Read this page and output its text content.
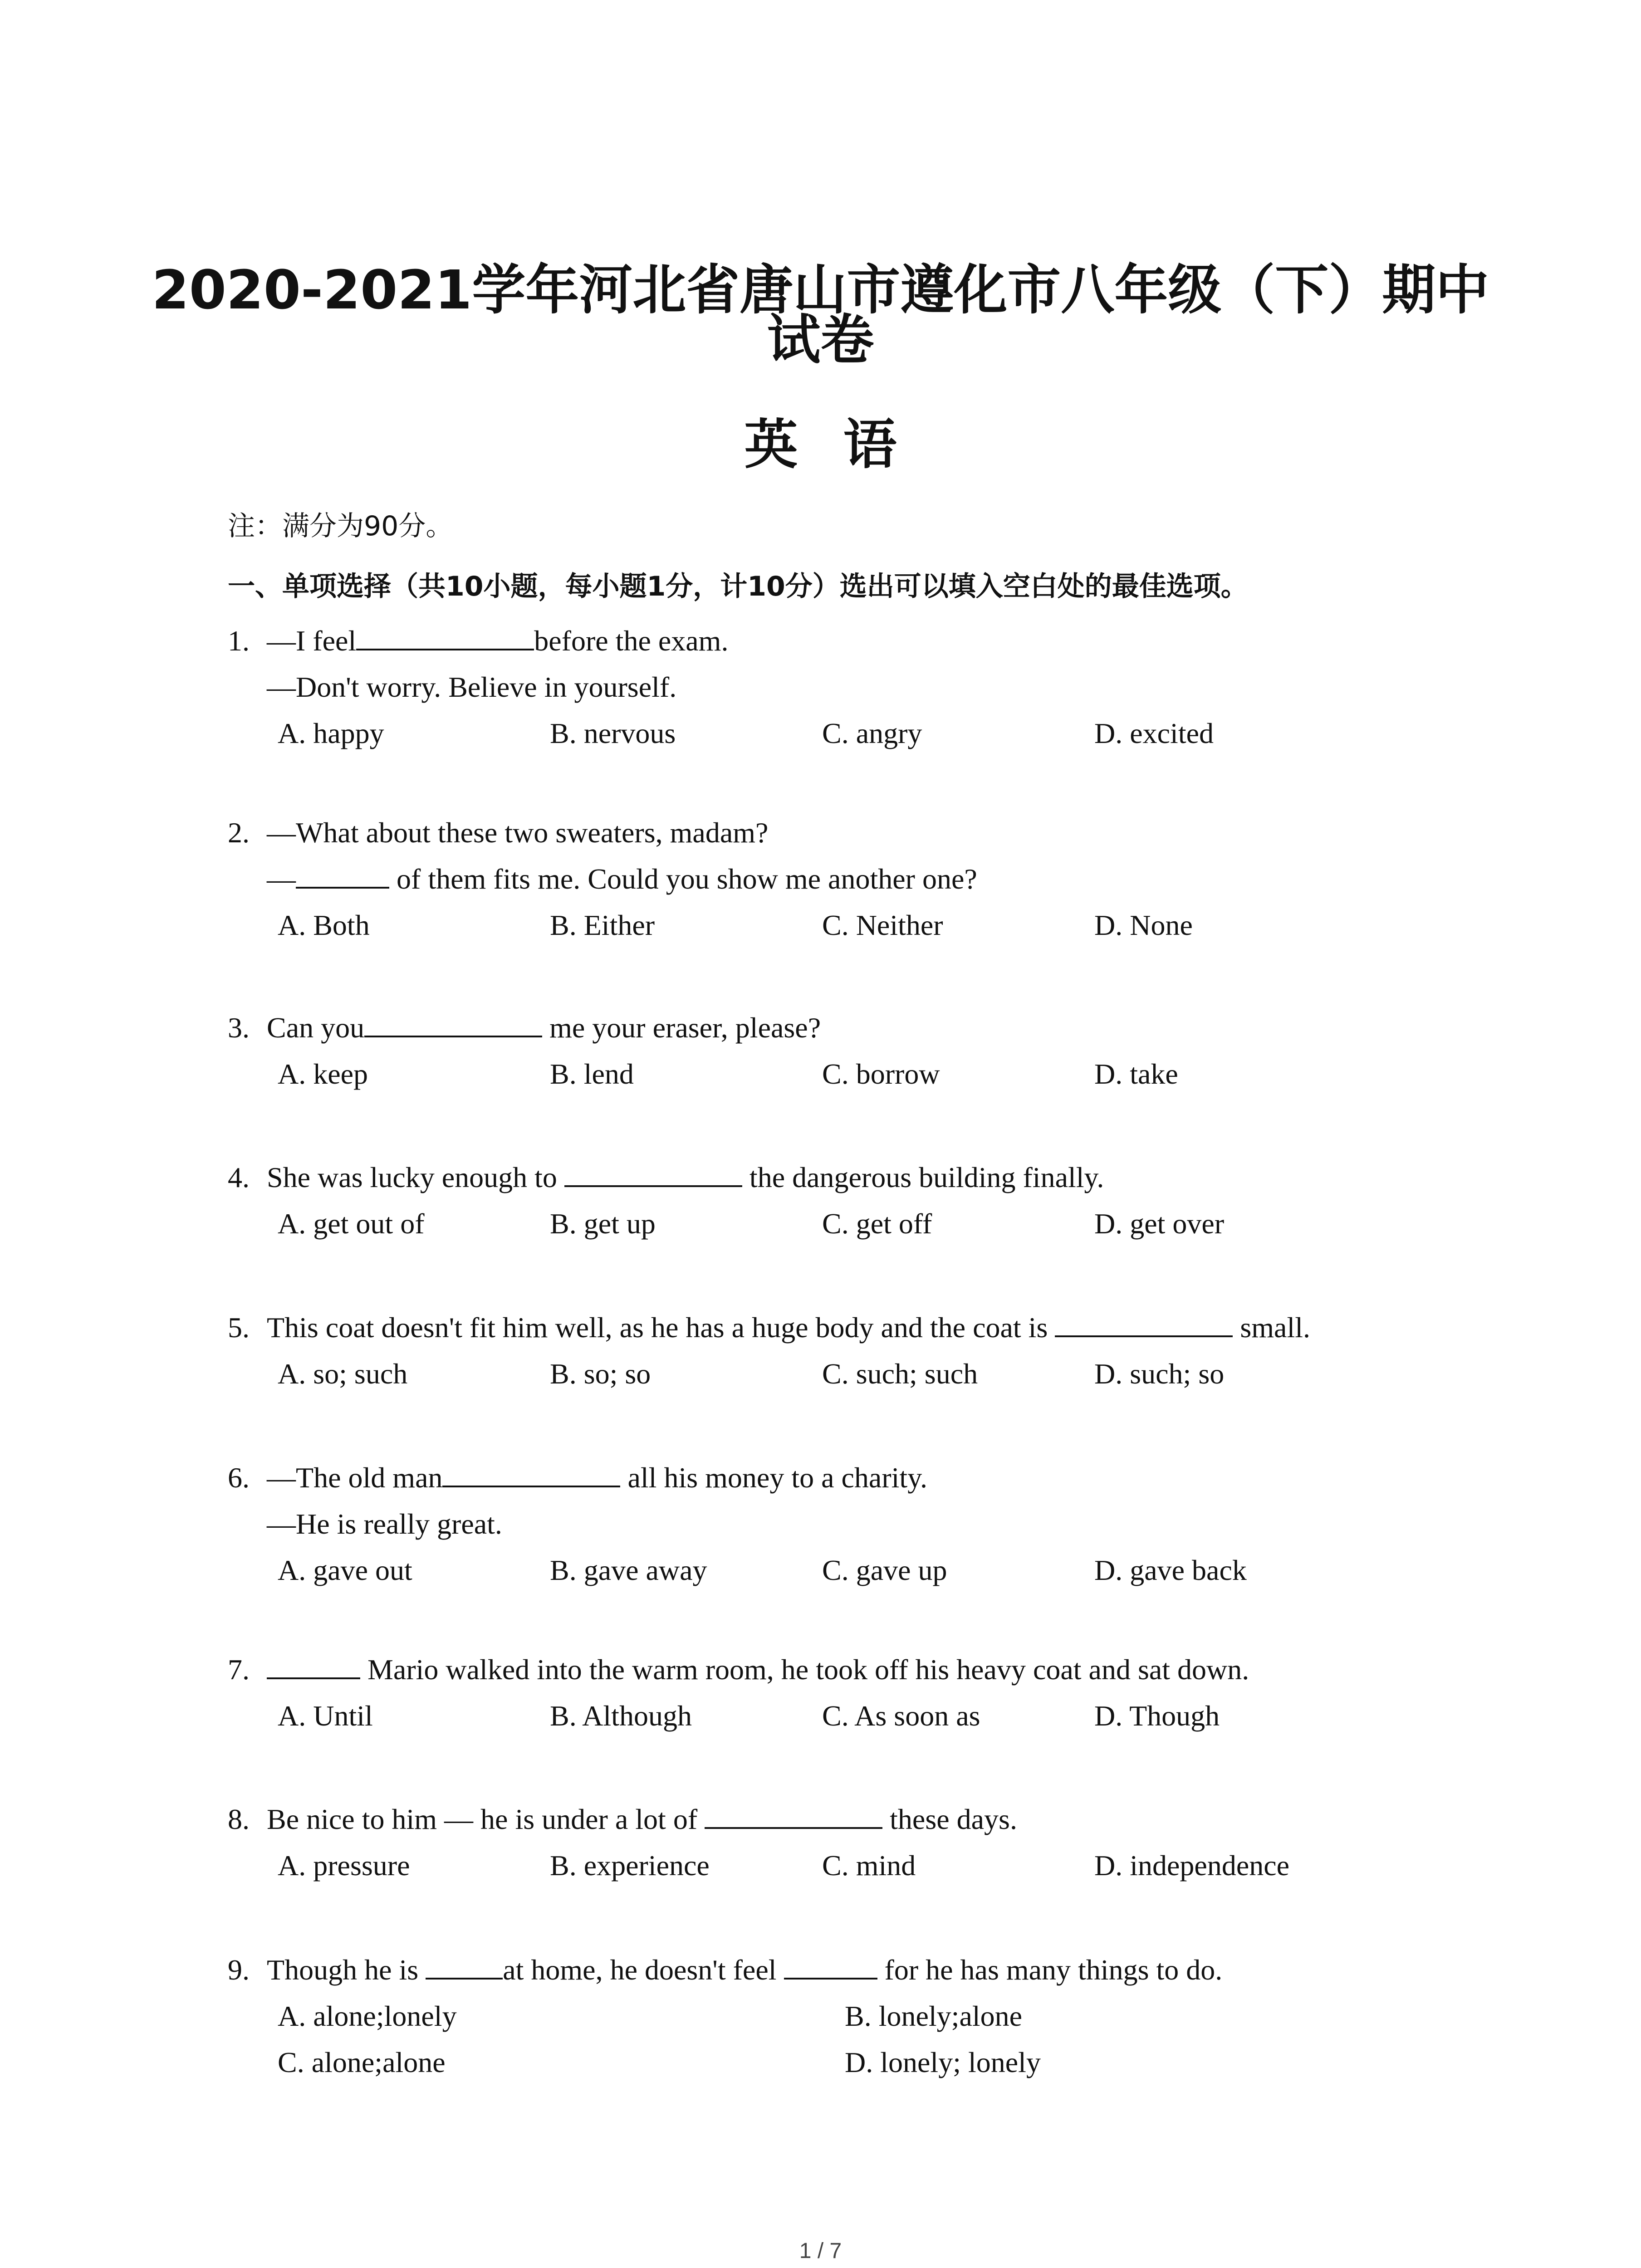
2020-2021学年河北省唐山市遵化市八年级（下）期中
试卷
英语
注：满分为90分。
一、单项选择（共10小题，每小题1分，计10分）选出可以填入空白处的最佳选项。
1. —I feel	before the exam.
—Don't worry. Believe in yourself.
A. happy	B. nervous	C. angry	D. excited
2. —What about these two sweaters, madam?
—	of them fits me. Could you show me another one?
A. Both	B. Either	C. Neither	D. None
3. Can you	me your eraser, please?
A. keep	B. lend	C. borrow	D. take
4. She was lucky enough to	the dangerous building finally.
A. get out of	B. get up	C. get off	D. get over
5. This coat doesn't fit him well, as he has a huge body and the coat is	small.
A. so; such	B. so; so	C. such; such	D. such; so
6. —The old man	all his money to a charity.
—He is really great.
A. gave out	B. gave away	C. gave up	D. gave back
7.	Mario walked into the warm room, he took off his heavy coat and sat down.
A. Until	B. Although	C. As soon as	D. Though
8. Be nice to him — he is under a lot of	these days.
A. pressure	B. experience	C. mind	D. independence
9. Though he is	at home, he doesn't feel	for he has many things to do.
A. alone;lonely	B. lonely;alone
C. alone;alone	D. lonely; lonely
1 / 7
